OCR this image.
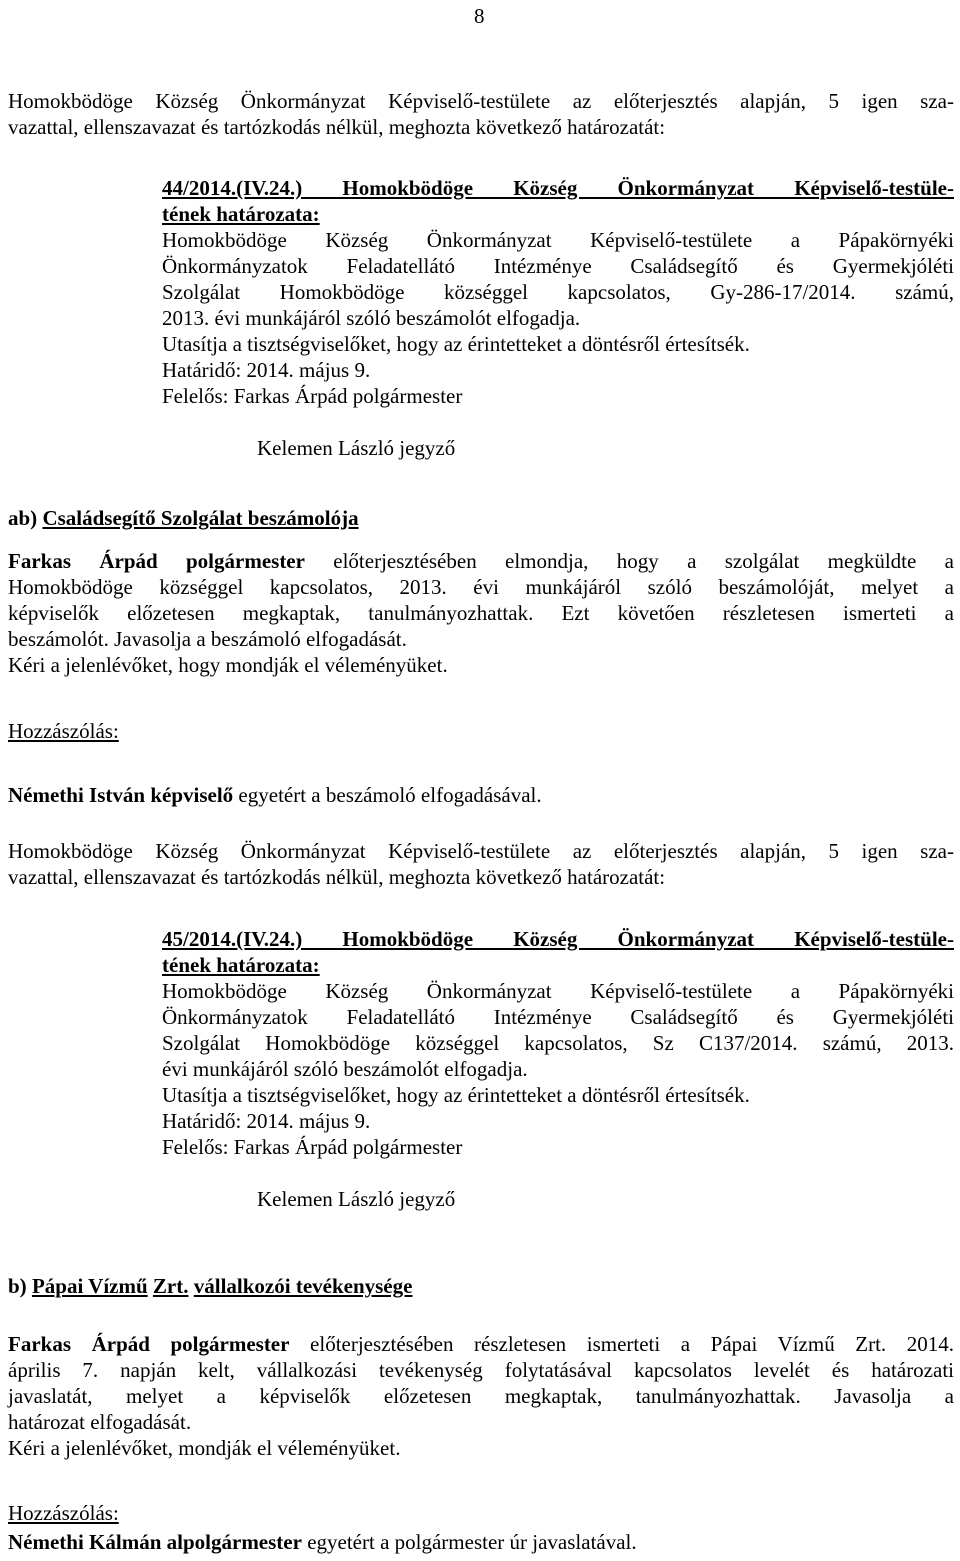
8
Homokbödöge Község Önkormányzat Képviselő-testülete az előterjesztés alapján, 5 igen sza-
vazattal, ellenszavazat és tartózkodás nélkül, meghozta következő határozatát:
44/2014.(IV.24.) Homokbödöge Község Önkormányzat Képviselő-testüle-
tének határozata:
Homokbödöge Község Önkormányzat Képviselő-testülete a Pápakörnyéki
Önkormányzatok Feladatellátó Intézménye Családsegítő és Gyermekjóléti
Szolgálat Homokbödöge községgel kapcsolatos, Gy-286-17/2014. számú,
2013. évi munkájáról szóló beszámolót elfogadja.
Utasítja a tisztségviselőket, hogy az érintetteket a döntésről értesítsék.
Határidő: 2014. május 9.
Felelős: Farkas Árpád polgármester
Kelemen László jegyző
ab) Családsegítő Szolgálat beszámolója
Farkas Árpád polgármester előterjesztésében elmondja, hogy a szolgálat megküldte a
Homokbödöge községgel kapcsolatos, 2013. évi munkájáról szóló beszámolóját, melyet a
képviselők előzetesen megkaptak, tanulmányozhattak. Ezt követően részletesen ismerteti a
beszámolót. Javasolja a beszámoló elfogadását.
Kéri a jelenlévőket, hogy mondják el véleményüket.
Hozzászólás:
Némethi István képviselő egyetért a beszámoló elfogadásával.
Homokbödöge Község Önkormányzat Képviselő-testülete az előterjesztés alapján, 5 igen sza-
vazattal, ellenszavazat és tartózkodás nélkül, meghozta következő határozatát:
45/2014.(IV.24.) Homokbödöge Község Önkormányzat Képviselő-testüle-
tének határozata:
Homokbödöge Község Önkormányzat Képviselő-testülete a Pápakörnyéki
Önkormányzatok Feladatellátó Intézménye Családsegítő és Gyermekjóléti
Szolgálat Homokbödöge községgel kapcsolatos, Sz C137/2014. számú, 2013.
évi munkájáról szóló beszámolót elfogadja.
Utasítja a tisztségviselőket, hogy az érintetteket a döntésről értesítsék.
Határidő: 2014. május 9.
Felelős: Farkas Árpád polgármester
Kelemen László jegyző
b) Pápai Vízmű Zrt. vállalkozói tevékenysége
Farkas Árpád polgármester előterjesztésében részletesen ismerteti a Pápai Vízmű Zrt. 2014.
április 7. napján kelt, vállalkozási tevékenység folytatásával kapcsolatos levelét és határozati
javaslatát, melyet a képviselők előzetesen megkaptak, tanulmányozhattak. Javasolja a
határozat elfogadását.
Kéri a jelenlévőket, mondják el véleményüket.
Hozzászólás:
Némethi Kálmán alpolgármester egyetért a polgármester úr javaslatával.
